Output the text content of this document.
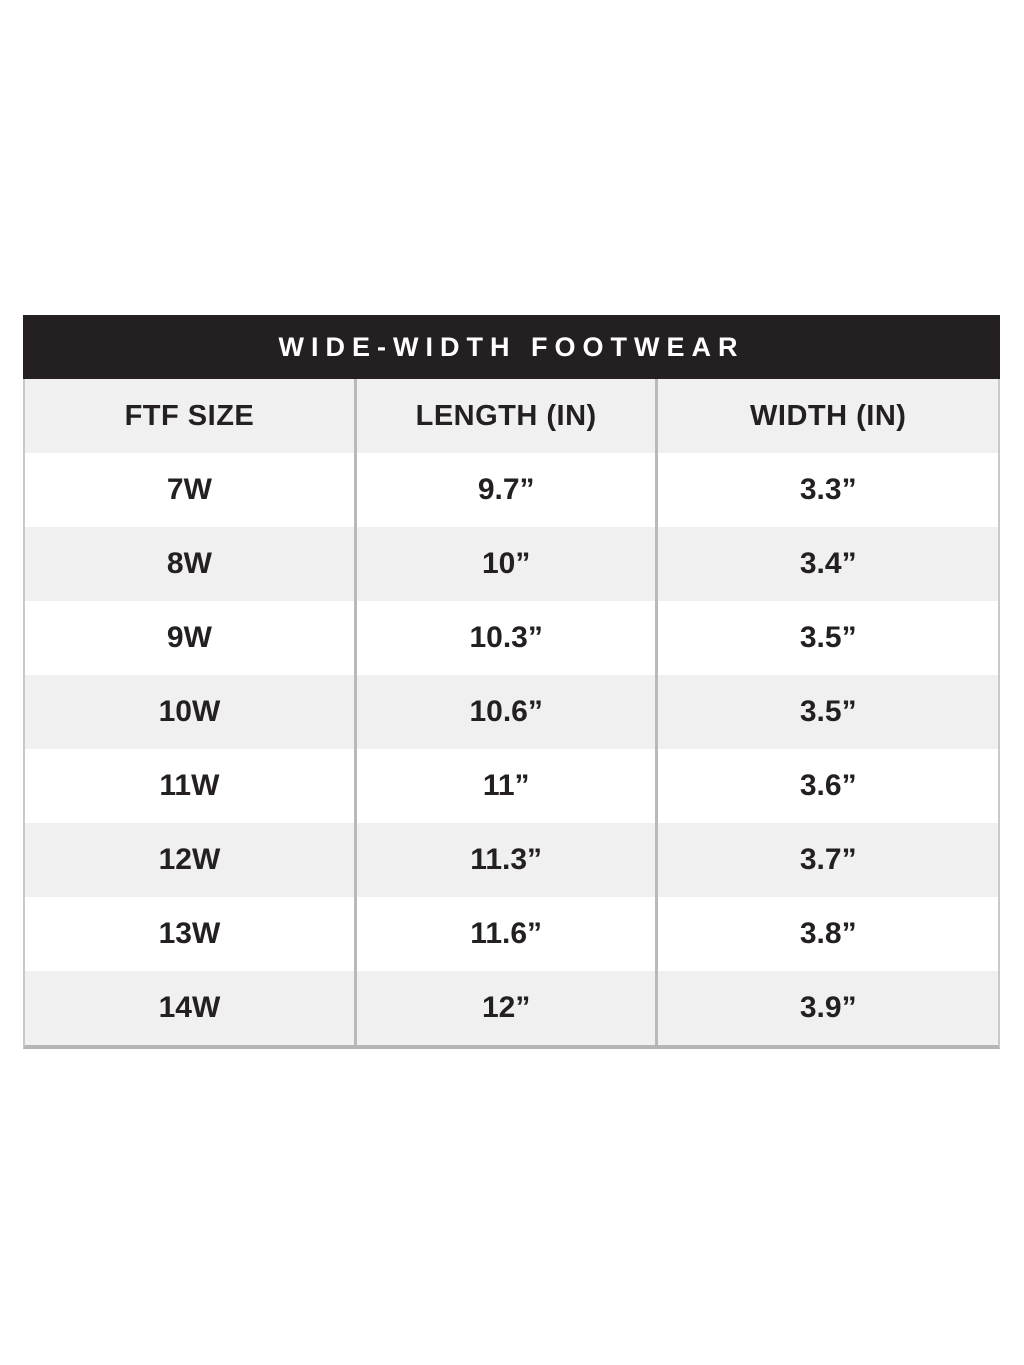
WIDE-WIDTH FOOTWEAR
FTF SIZE	LENGTH (IN)	WIDTH (IN)
7W	9.7”	3.3”
8W	10”	3.4”
9W	10.3”	3.5”
10W	10.6”	3.5”
11W	11”	3.6”
12W	11.3”	3.7”
13W	11.6”	3.8”
14W	12”	3.9”
